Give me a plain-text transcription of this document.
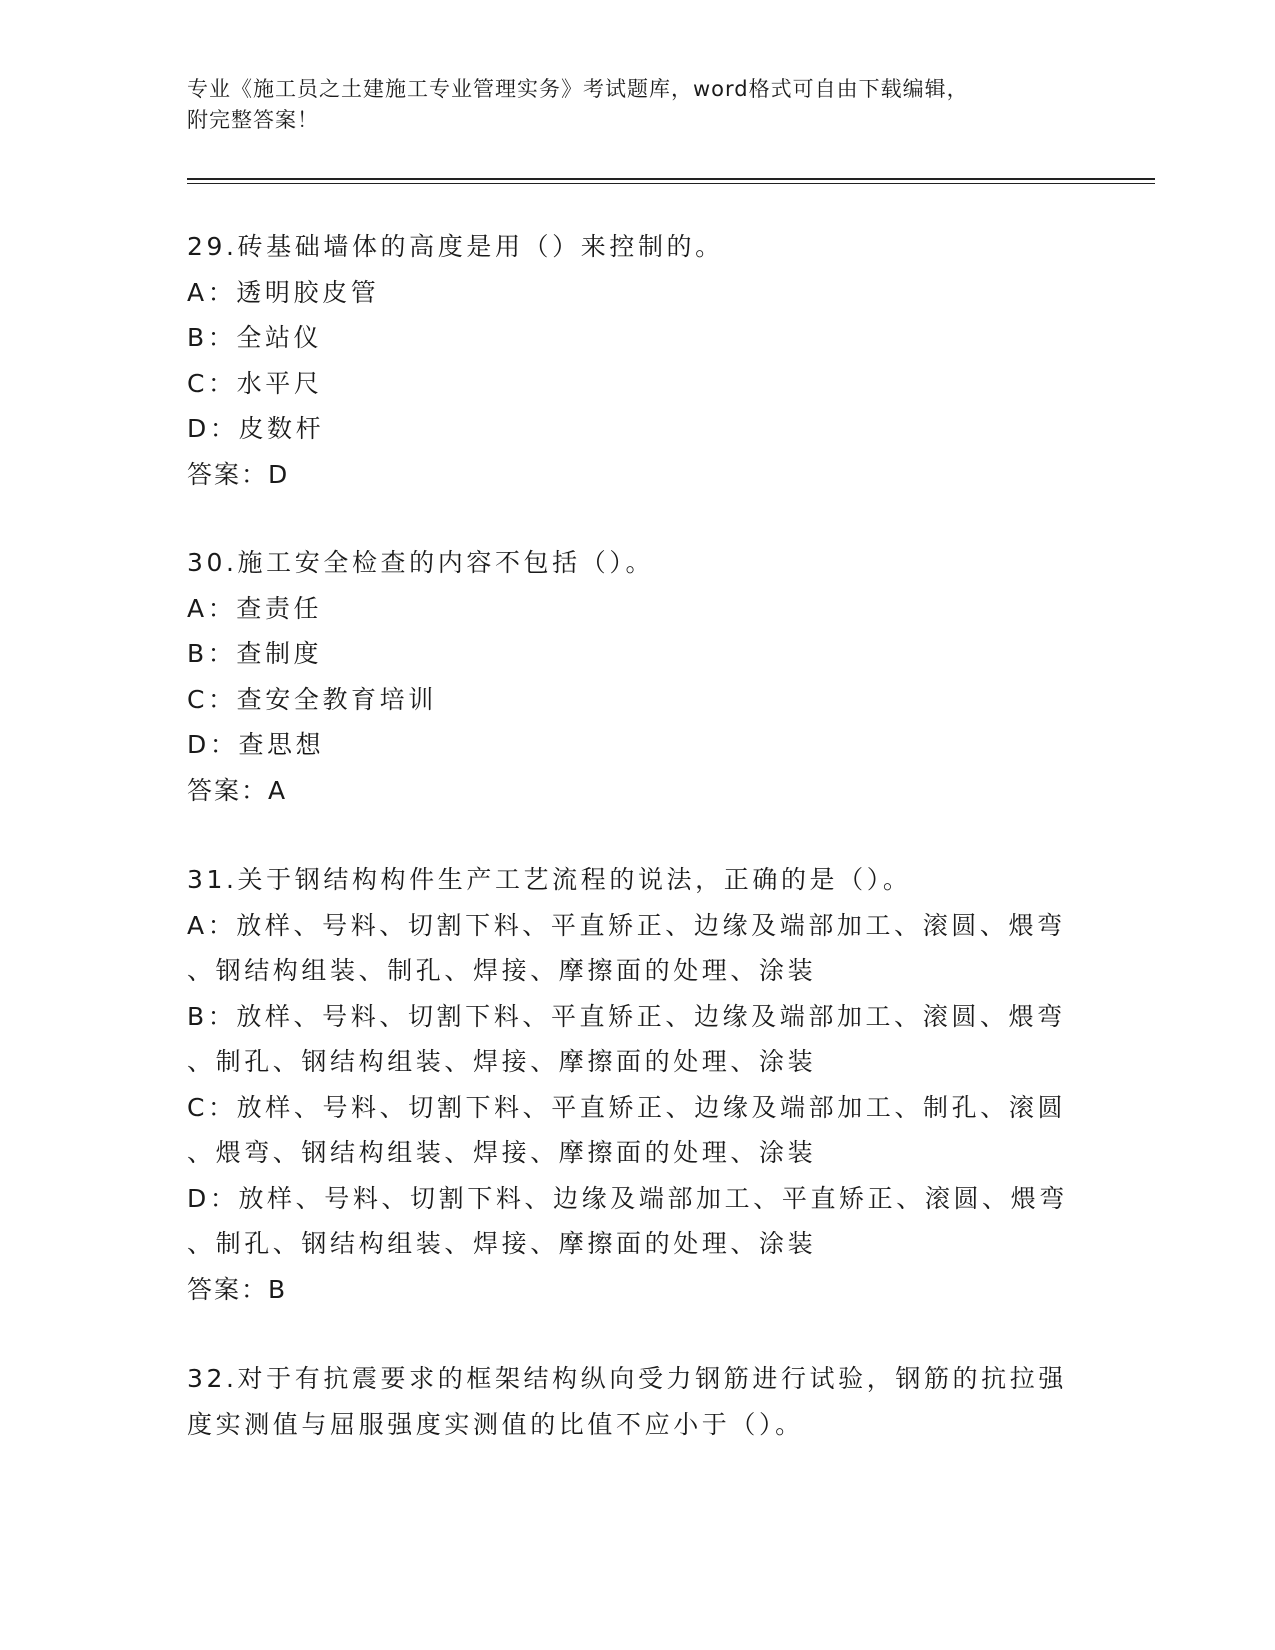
专业《施工员之土建施工专业管理实务》考试题库，word格式可自由下载编辑，
附完整答案！
29.砖基础墙体的高度是用（）来控制的。
A：透明胶皮管
B：全站仪
C：水平尺
D：皮数杆
答案：D
30.施工安全检查的内容不包括（）。
A：查责任
B：查制度
C：查安全教育培训
D：查思想
答案：A
31.关于钢结构构件生产工艺流程的说法，正确的是（）。
A：放样、号料、切割下料、平直矫正、边缘及端部加工、滚圆、煨弯
、钢结构组装、制孔、焊接、摩擦面的处理、涂装
B：放样、号料、切割下料、平直矫正、边缘及端部加工、滚圆、煨弯
、制孔、钢结构组装、焊接、摩擦面的处理、涂装
C：放样、号料、切割下料、平直矫正、边缘及端部加工、制孔、滚圆
、煨弯、钢结构组装、焊接、摩擦面的处理、涂装
D：放样、号料、切割下料、边缘及端部加工、平直矫正、滚圆、煨弯
、制孔、钢结构组装、焊接、摩擦面的处理、涂装
答案：B
32.对于有抗震要求的框架结构纵向受力钢筋进行试验，钢筋的抗拉强
度实测值与屈服强度实测值的比值不应小于（）。
